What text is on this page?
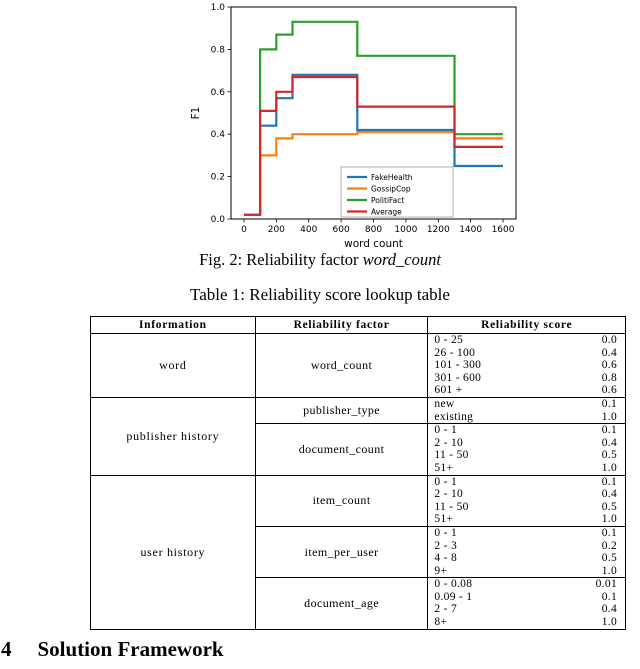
0 200 400 600 800 1000 1200 1400 1600
0.0
0.2
0.4
0.6
0.8
1.0
FakeHealth
GossipCop
PolitiFact
Average
word count
F1
Fig. 2: Reliability factor word_count
Table 1: Reliability score lookup table
Information	Reliability factor	Reliability score
word	word_count	
0 - 25	0.0
26 - 100	0.4
101 - 300	0.6
301 - 600	0.8
601 +	0.6

publisher history	publisher_type	new 0.1
existing 1.0

document_count	
0 - 1	0.1
2 - 10	0.4
11 - 50	0.5
51+	1.0

user history	item_count	
0 - 1	0.1
2 - 10	0.4
11 - 50	0.5
51+	1.0

item_per_user	
0 - 1	0.1
2 - 3	0.2
4 - 8	0.5
9+	1.0

document_age	
0 - 0.08	0.01
0.09 - 1	0.1
2 - 7	0.4
8+	1.0
4 Solution Framework
